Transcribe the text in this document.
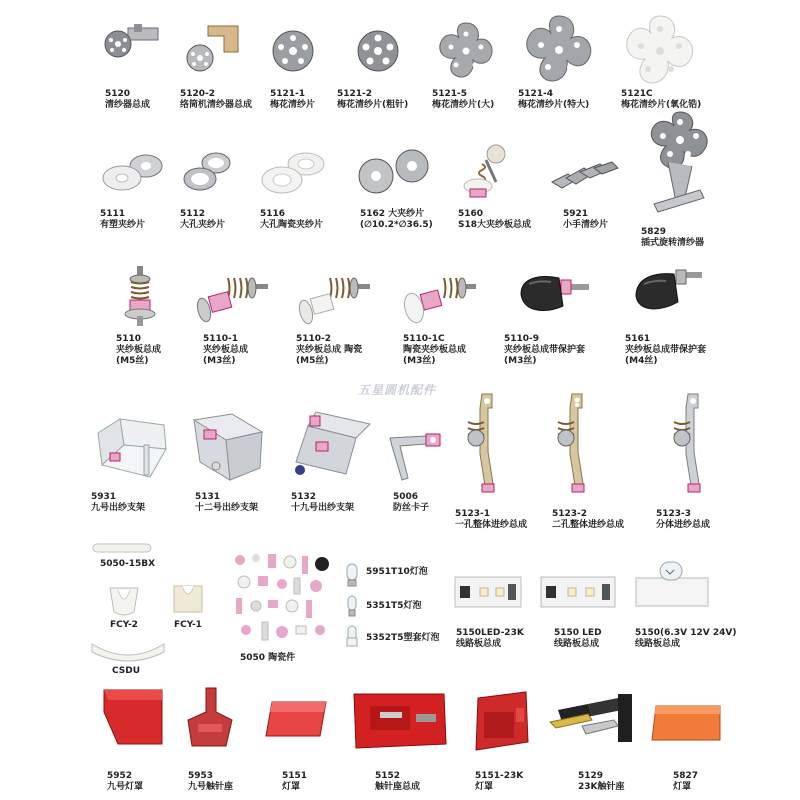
五星圆机配件
5120
清纱器总成
5120-2
络筒机清纱器总成
5121-1
梅花清纱片
5121-2
梅花清纱片(粗针)
5121-5
梅花清纱片(大)
5121-4
梅花清纱片(特大)
5121C
梅花清纱片(氧化锆)
5111
有塑夹纱片
5112
大孔夹纱片
5116
大孔陶瓷夹纱片
5162 大夹纱片
(∅10.2*∅36.5)
5160
S18大夹纱板总成
5921
小手清纱片
5829
插式旋转清纱器
5110
夹纱板总成
(M5丝)
5110-1
夹纱板总成
(M3丝)
5110-2
夹纱板总成 陶瓷
(M5丝)
5110-1C
陶瓷夹纱板总成
(M3丝)
5110-9
夹纱板总成带保护套
(M3丝)
5161
夹纱板总成带保护套
(M4丝)
5931
九号出纱支架
5131
十二号出纱支架
5132
十九号出纱支架
5006
防丝卡子
5123-1
一孔整体进纱总成
5123-2
二孔整体进纱总成
5123-3
分体进纱总成
5050-15BX
FCY-2	FCY-1
CSDU
5050 陶瓷件
5951T10灯泡
5351T5灯泡
5352T5塑套灯泡 5150LED-23K
线路板总成
5150 LED
线路板总成
5150(6.3V 12V 24V)
线路板总成
5952
九号灯罩
5953
九号触针座
5151
灯罩
5152
触针座总成
5151-23K
灯罩
5129
23K触针座
5827
灯罩
